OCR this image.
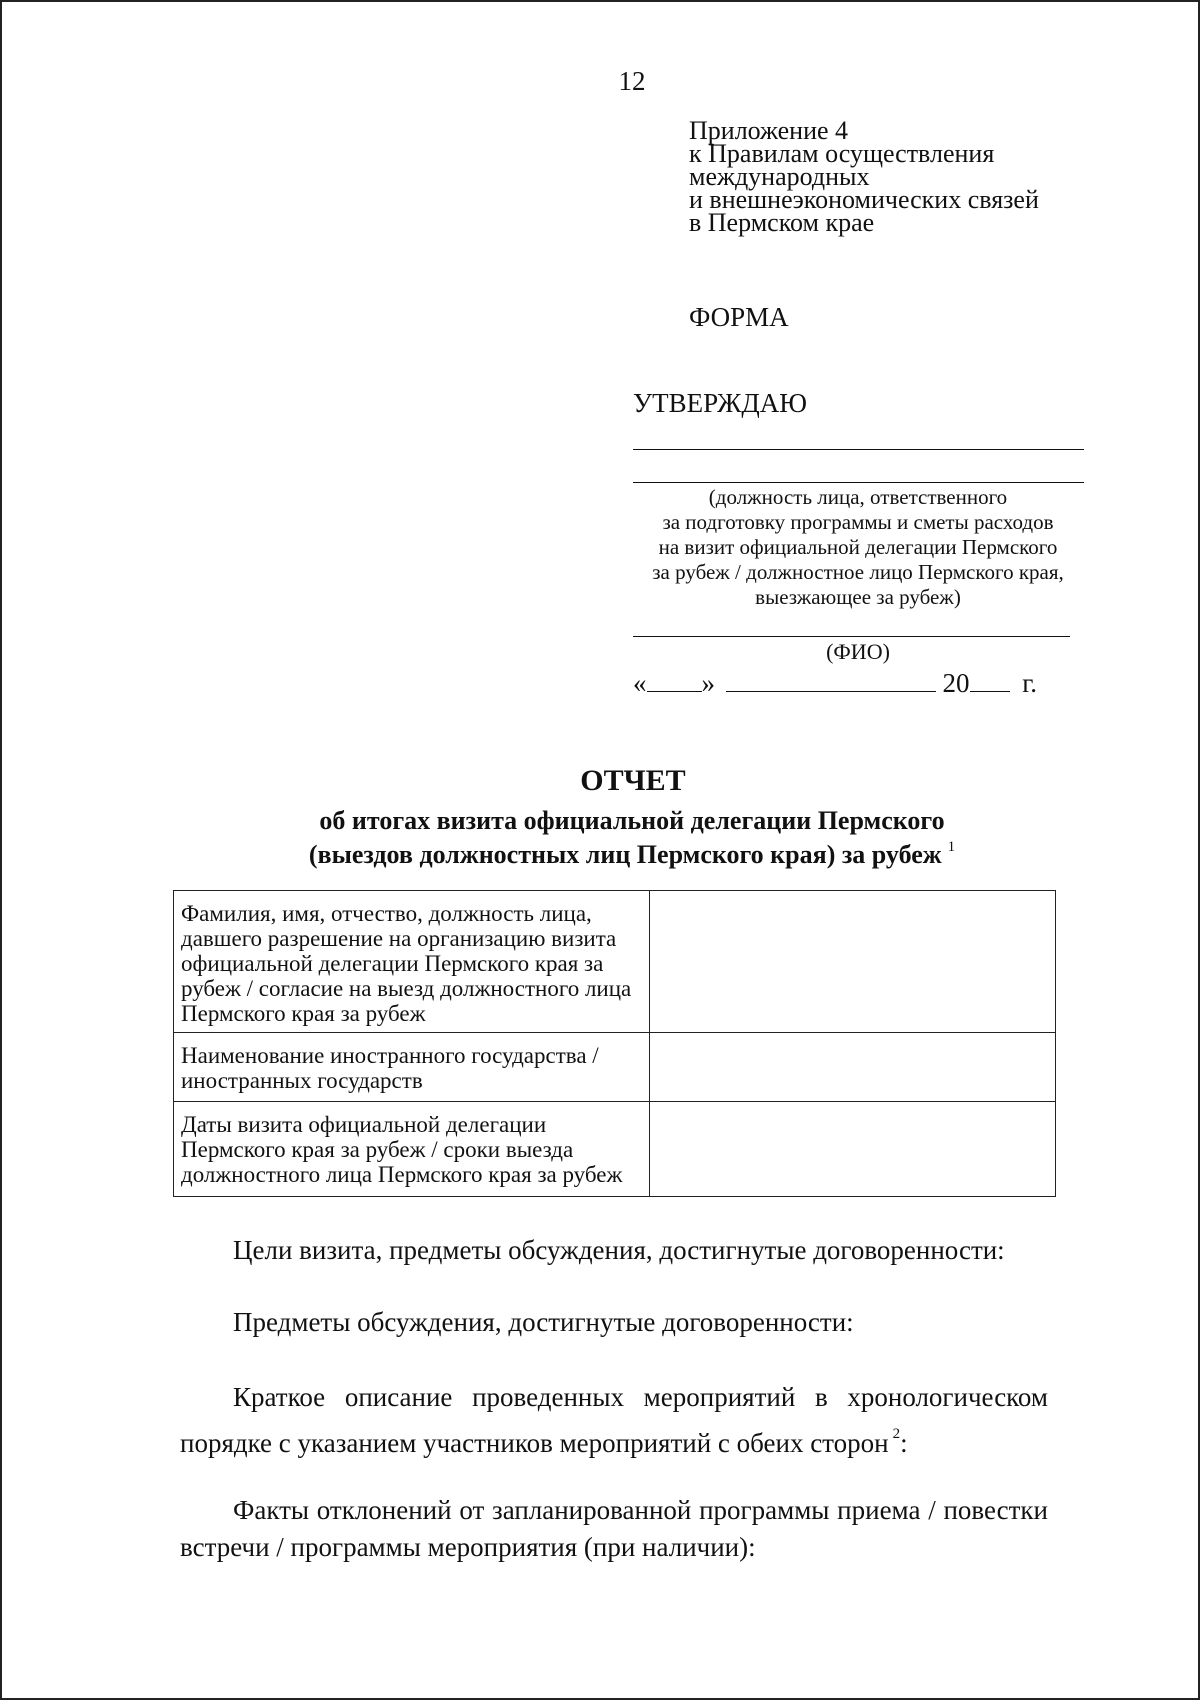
12
Приложение 4
к Правилам осуществления
международных
и внешнеэкономических связей
в Пермском крае
ФОРМА
УТВЕРЖДАЮ
(должность лица, ответственного
за подготовку программы и сметы расходов
на визит официальной делегации Пермского
за рубеж / должностное лицо Пермского края,
выезжающее за рубеж)
(ФИО)
« »	20 г.
ОТЧЕТ
об итогах визита официальной делегации Пермского
(выездов должностных лиц Пермского края) за рубеж $^1$
Фамилия, имя, отчество, должность лица, давшего разрешение на организацию визита официальной делегации Пермского края за рубеж / согласие на выезд должностного лица Пермского края за рубеж	
Наименование иностранного государства / иностранных государств	
Даты визита официальной делегации Пермского края за рубеж / сроки выезда должностного лица Пермского края за рубеж	
Цели визита, предметы обсуждения, достигнутые договоренности:
Предметы обсуждения, достигнутые договоренности:
Краткое описание проведенных мероприятий в хронологическом порядке с указанием участников мероприятий с обеих сторон $^2$:
Факты отклонений от запланированной программы приема / повестки встречи / программы мероприятия (при наличии):
